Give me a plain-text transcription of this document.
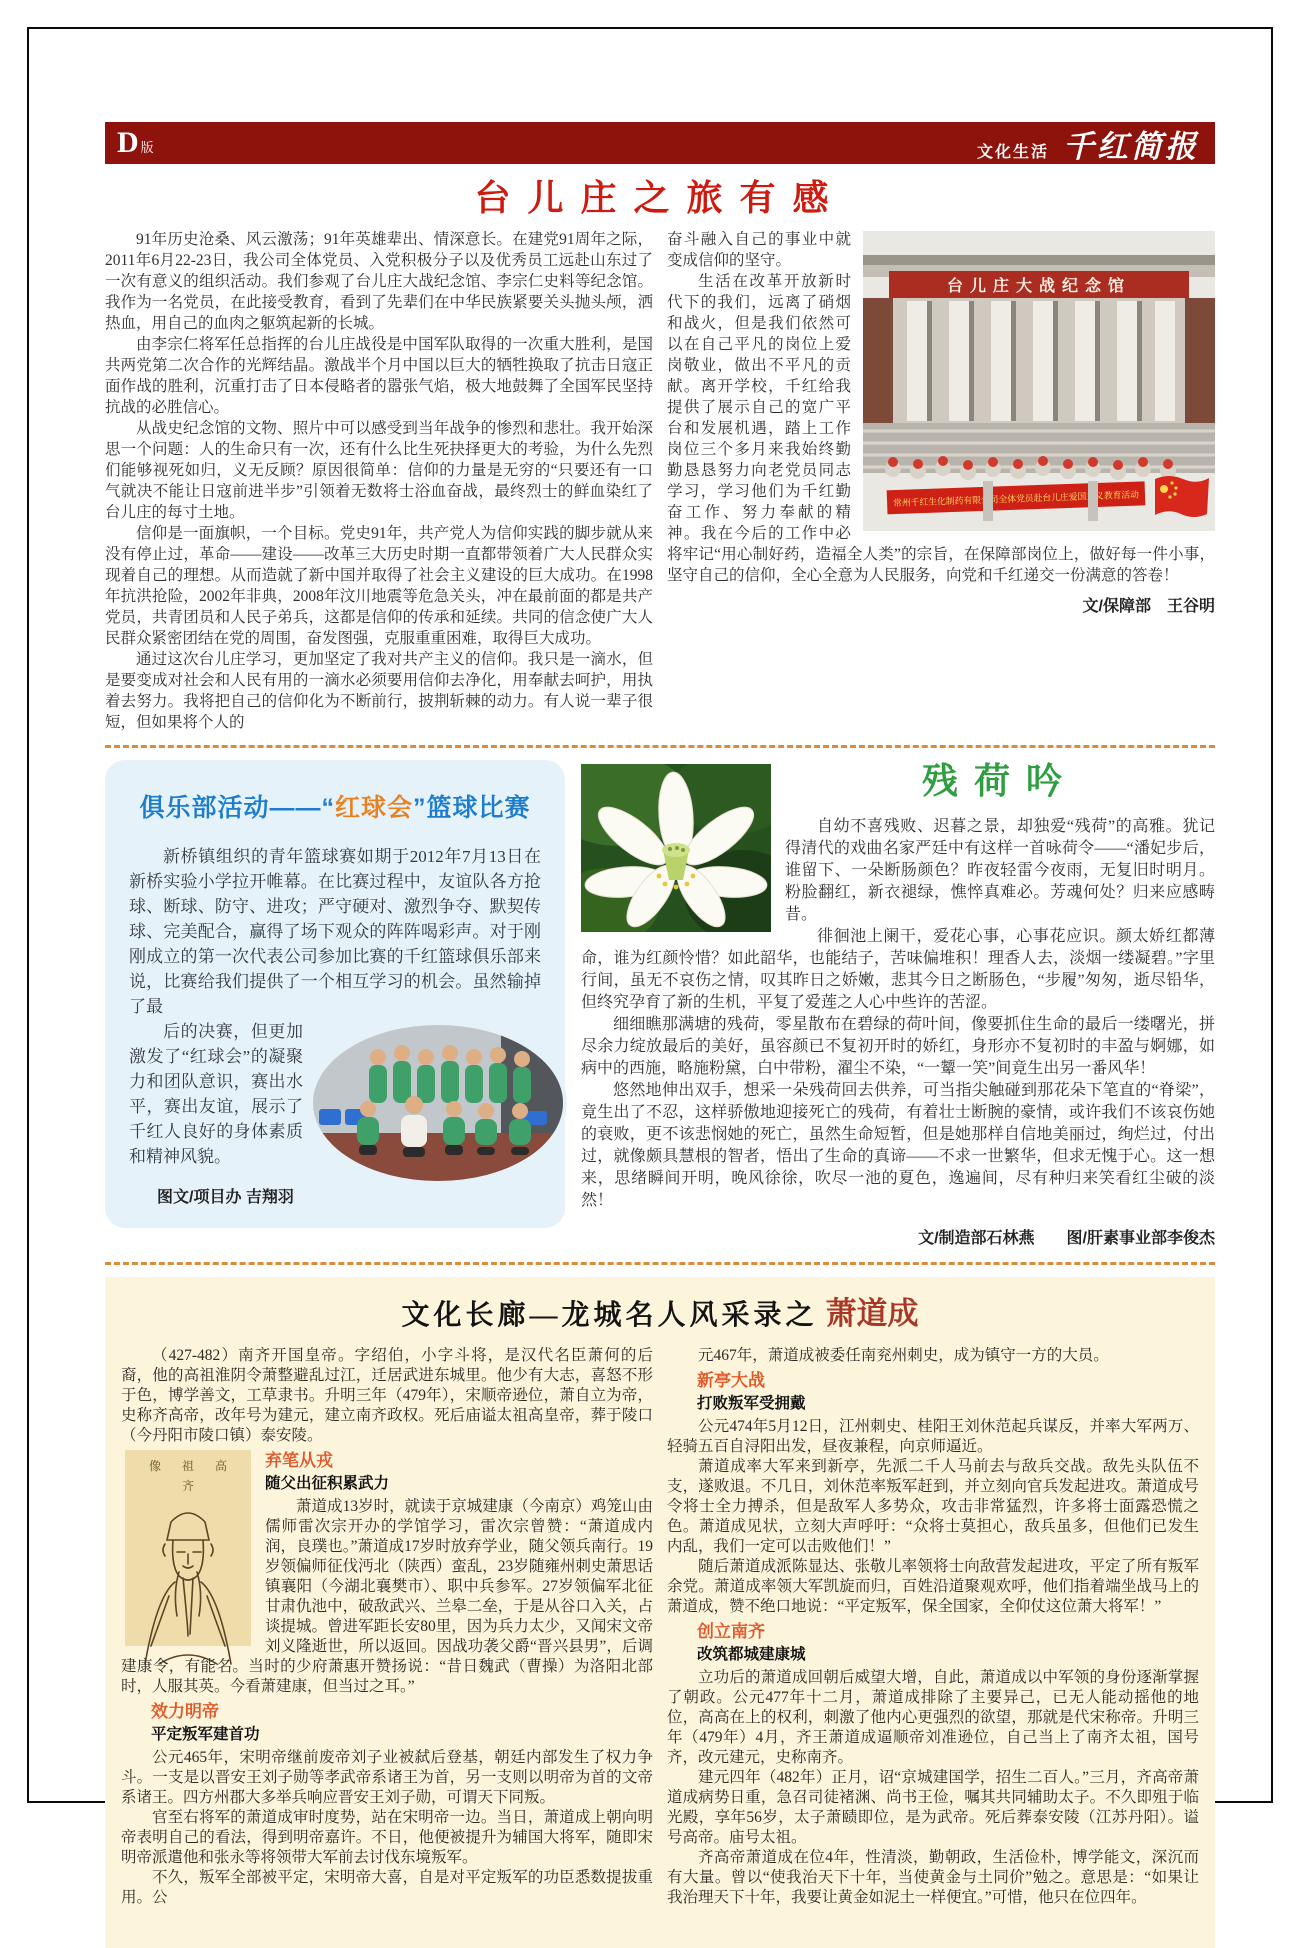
D版	文化生活 千红简报
台儿庄之旅有感

91年历史沧桑、风云激荡；91年英雄辈出、情深意长。在建党91周年之际，2011年6月22-23日，我公司全体党员、入党积极分子以及优秀员工远赴山东过了一次有意义的组织活动。我们参观了台儿庄大战纪念馆、李宗仁史料等纪念馆。我作为一名党员，在此接受教育，看到了先辈们在中华民族紧要关头抛头颅，洒热血，用自己的血肉之躯筑起新的长城。

由李宗仁将军任总指挥的台儿庄战役是中国军队取得的一次重大胜利，是国共两党第二次合作的光辉结晶。激战半个月中国以巨大的牺牲换取了抗击日寇正面作战的胜利，沉重打击了日本侵略者的嚣张气焰，极大地鼓舞了全国军民坚持抗战的必胜信心。

从战史纪念馆的文物、照片中可以感受到当年战争的惨烈和悲壮。我开始深思一个问题：人的生命只有一次，还有什么比生死抉择更大的考验，为什么先烈们能够视死如归，义无反顾？原因很简单：信仰的力量是无穷的“只要还有一口气就决不能让日寇前进半步”引领着无数将士浴血奋战，最终烈士的鲜血染红了台儿庄的每寸土地。

信仰是一面旗帜，一个目标。党史91年，共产党人为信仰实践的脚步就从来没有停止过，革命——建设——改革三大历史时期一直都带领着广大人民群众实现着自己的理想。从而造就了新中国并取得了社会主义建设的巨大成功。在1998年抗洪抢险，2002年非典，2008年汶川地震等危急关头，冲在最前面的都是共产党员，共青团员和人民子弟兵，这都是信仰的传承和延续。共同的信念使广大人民群众紧密团结在党的周围，奋发图强，克服重重困难，取得巨大成功。

通过这次台儿庄学习，更加坚定了我对共产主义的信仰。我只是一滴水，但是要变成对社会和人民有用的一滴水必须要用信仰去净化，用奉献去呵护，用执着去努力。我将把自己的信仰化为不断前行，披荆斩棘的动力。有人说一辈子很短，但如果将个人的

台儿庄大战纪念馆
常州千红生化制药有限公司全体党员赴台儿庄爱国主义教育活动

奋斗融入自己的事业中就变成信仰的坚守。

生活在改革开放新时代下的我们，远离了硝烟和战火，但是我们依然可以在自己平凡的岗位上爱岗敬业，做出不平凡的贡献。离开学校，千红给我提供了展示自己的宽广平台和发展机遇，踏上工作岗位三个多月来我始终勤勤恳恳努力向老党员同志学习，学习他们为千红勤奋工作、努力奉献的精神。我在今后的工作中必将牢记“用心制好药，造福全人类”的宗旨，在保障部岗位上，做好每一件小事，坚守自己的信仰，全心全意为人民服务，向党和千红递交一份满意的答卷！

文/保障部　王谷明
俱乐部活动——“红球会”篮球比赛

新桥镇组织的青年篮球赛如期于2012年7月13日在新桥实验小学拉开帷幕。在比赛过程中，友谊队各方抢球、断球、防守、进攻；严守硬对、激烈争夺、默契传球、完美配合，赢得了场下观众的阵阵喝彩声。对于刚刚成立的第一次代表公司参加比赛的千红篮球俱乐部来说，比赛给我们提供了一个相互学习的机会。虽然输掉了最

后的决赛，但更加激发了“红球会”的凝聚力和团队意识，赛出水平，赛出友谊，展示了千红人良好的身体素质和精神风貌。

图文/项目办 吉翔羽
残荷吟

自幼不喜残败、迟暮之景，却独爱“残荷”的高雅。犹记得清代的戏曲名家严廷中有这样一首咏荷令——“潘妃步后，谁留下、一朵断肠颜色？昨夜轻雷今夜雨，无复旧时明月。粉脸翻红，新衣褪绿，憔悴真难必。芳魂何处？归来应感畴昔。

徘徊池上阑干，爱花心事，心事花应识。颜太娇红都薄命，谁为红颜怜惜？如此韶华，也能结子，苦味偏堆积！理香人去，淡烟一缕凝碧。”字里行间，虽无不哀伤之情，叹其昨日之娇嫩，悲其今日之断肠色，“步履”匆匆，逝尽铅华，但终究孕育了新的生机，平复了爱莲之人心中些许的苦涩。

细细瞧那满塘的残荷，零星散布在碧绿的荷叶间，像要抓住生命的最后一缕曙光，拼尽余力绽放最后的美好，虽容颜已不复初开时的娇红，身形亦不复初时的丰盈与婀娜，如病中的西施，略施粉黛，白中带粉，濯尘不染，“一颦一笑”间竟生出另一番风华！

悠然地伸出双手，想采一朵残荷回去供养，可当指尖触碰到那花朵下笔直的“脊梁”，竟生出了不忍，这样骄傲地迎接死亡的残荷，有着壮士断腕的豪情，或许我们不该哀伤她的衰败，更不该悲悯她的死亡，虽然生命短暂，但是她那样自信地美丽过，绚烂过，付出过，就像颇具慧根的智者，悟出了生命的真谛——不求一世繁华，但求无愧于心。这一想来，思绪瞬间开明，晚风徐徐，吹尽一池的夏色，逸遍间，尽有种归来笑看红尘破的淡然！

文/制造部石林燕　　图/肝素事业部李俊杰
文化长廊—龙城名人风采录之 萧道成

（427-482）南齐开国皇帝。字绍伯，小字斗将，是汉代名臣萧何的后裔，他的高祖淮阴令萧整避乱过江，迁居武进东城里。他少有大志，喜怒不形于色，博学善文，工草隶书。升明三年（479年），宋顺帝逊位，萧自立为帝，史称齐高帝，改年号为建元，建立南齐政权。死后庙谥太祖高皇帝，葬于陵口（今丹阳市陵口镇）泰安陵。

像 祖 高 齐
弃笔从戎
随父出征积累武力

萧道成13岁时，就读于京城建康（今南京）鸡笼山由儒师雷次宗开办的学馆学习，雷次宗曾赞：“萧道成内润，良璞也。”萧道成17岁时放弃学业，随父领兵南行。19岁领偏师征伐沔北（陕西）蛮乱，23岁随雍州刺史萧思话镇襄阳（今湖北襄樊市）、职中兵参军。27岁领偏军北征甘肃仇池中，破敌武兴、兰皋二垒，于是从谷口入关，占谈提城。曾进军距长安80里，因为兵力太少，又闻宋文帝刘义隆逝世，所以返回。因战功袭父爵“晋兴县男”，后调建康令，有能名。当时的少府萧惠开赞扬说：“昔日魏武（曹操）为洛阳北部时，人服其英。今看萧建康，但当过之耳。”

效力明帝
平定叛军建首功

公元465年，宋明帝继前废帝刘子业被弑后登基，朝廷内部发生了权力争斗。一支是以晋安王刘子勋等孝武帝系诸王为首，另一支则以明帝为首的文帝系诸王。四方州郡大多举兵响应晋安王刘子勋，可谓天下同叛。

官至右将军的萧道成审时度势，站在宋明帝一边。当日，萧道成上朝向明帝表明自己的看法，得到明帝嘉许。不日，他便被提升为辅国大将军，随即宋明帝派遣他和张永等将领带大军前去讨伐东境叛军。

不久，叛军全部被平定，宋明帝大喜，自是对平定叛军的功臣悉数提拔重用。公

元467年，萧道成被委任南兖州刺史，成为镇守一方的大员。

新亭大战
打败叛军受拥戴

公元474年5月12日，江州刺史、桂阳王刘休范起兵谋反，并率大军两万、轻骑五百自浔阳出发，昼夜兼程，向京师逼近。

萧道成率大军来到新亭，先派二千人马前去与敌兵交战。敌先头队伍不支，遂败退。不几日，刘休范率叛军赶到，并立刻向官兵发起进攻。萧道成号令将士全力搏杀，但是敌军人多势众，攻击非常猛烈，许多将士面露恐慌之色。萧道成见状，立刻大声呼吁：“众将士莫担心，敌兵虽多，但他们已发生内乱，我们一定可以击败他们！”

随后萧道成派陈显达、张敬儿率领将士向敌营发起进攻，平定了所有叛军余党。萧道成率领大军凯旋而归，百姓沿道聚观欢呼，他们指着端坐战马上的萧道成，赞不绝口地说：“平定叛军，保全国家，全仰仗这位萧大将军！”

创立南齐
改筑都城建康城

立功后的萧道成回朝后威望大增，自此，萧道成以中军领的身份逐渐掌握了朝政。公元477年十二月，萧道成排除了主要异己，已无人能动摇他的地位，高高在上的权利，刺激了他内心更强烈的欲望，那就是代宋称帝。升明三年（479年）4月，齐王萧道成逼顺帝刘准逊位，自己当上了南齐太祖，国号齐，改元建元，史称南齐。

建元四年（482年）正月，诏“京城建国学，招生二百人。”三月，齐高帝萧道成病势日重，急召司徒褚渊、尚书王俭，嘱其共同辅助太子。不久即殂于临光殿，享年56岁，太子萧赜即位，是为武帝。死后葬泰安陵（江苏丹阳）。谥号高帝。庙号太祖。

齐高帝萧道成在位4年，性清淡，勤朝政，生活俭朴，博学能文，深沉而有大量。曾以“使我治天下十年，当使黄金与土同价”勉之。意思是：“如果让我治理天下十年，我要让黄金如泥土一样便宜。”可惜，他只在位四年。
